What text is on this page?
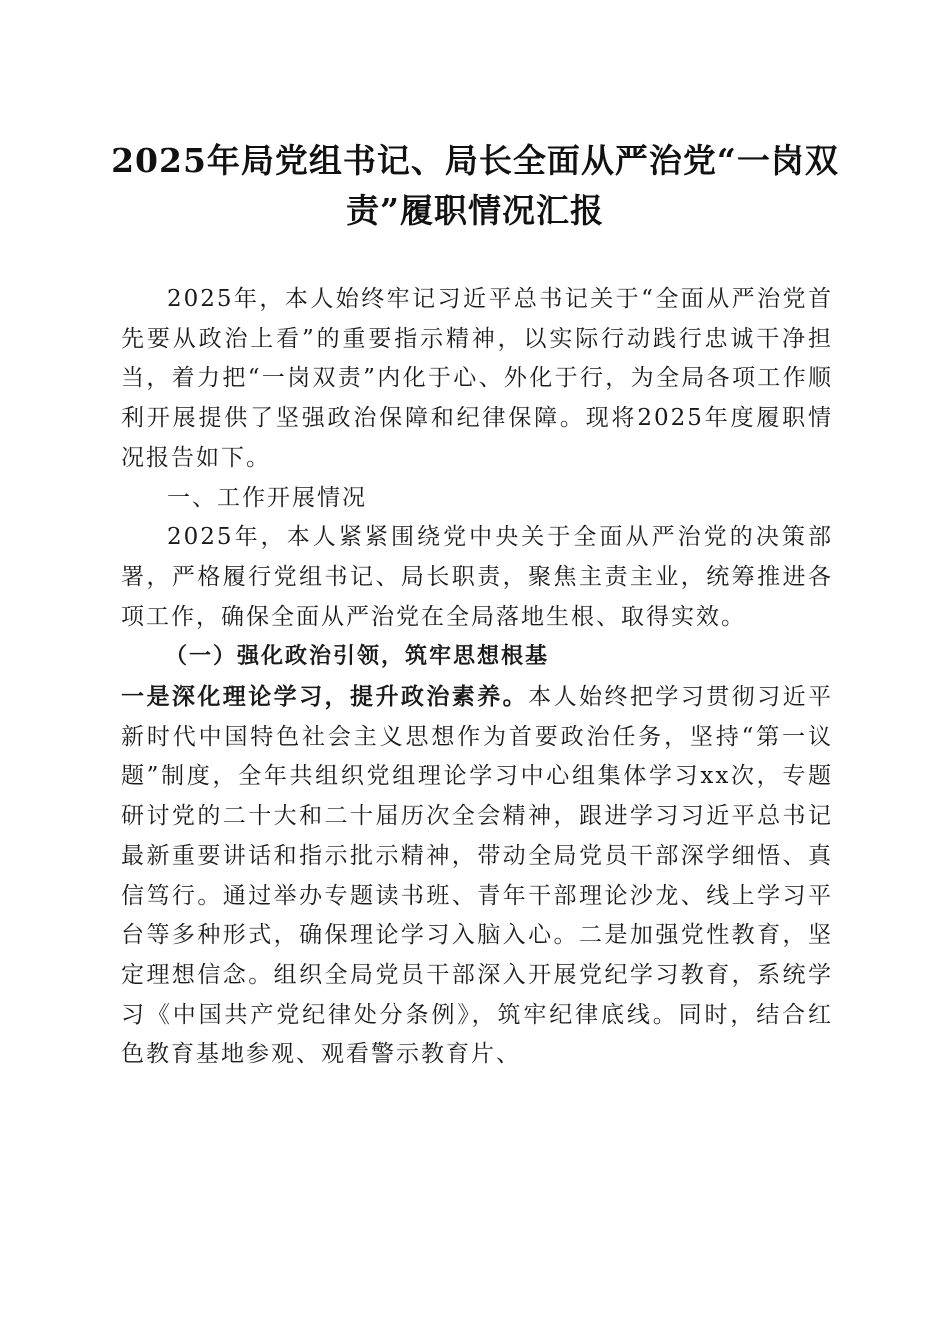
2025年局党组书记、局长全面从严治党“一岗双责”履职情况汇报

2025年，本人始终牢记习近平总书记关于“全面从严治党首先要从政治上看”的重要指示精神，以实际行动践行忠诚干净担当，着力把“一岗双责”内化于心、外化于行，为全局各项工作顺利开展提供了坚强政治保障和纪律保障。现将2025年度履职情况报告如下。

一、工作开展情况

2025年，本人紧紧围绕党中央关于全面从严治党的决策部署，严格履行党组书记、局长职责，聚焦主责主业，统筹推进各项工作，确保全面从严治党在全局落地生根、取得实效。

（一）强化政治引领，筑牢思想根基

一是深化理论学习，提升政治素养。本人始终把学习贯彻习近平新时代中国特色社会主义思想作为首要政治任务，坚持“第一议题”制度，全年共组织党组理论学习中心组集体学习xx次，专题研讨党的二十大和二十届历次全会精神，跟进学习习近平总书记最新重要讲话和指示批示精神，带动全局党员干部深学细悟、真信笃行。通过举办专题读书班、青年干部理论沙龙、线上学习平台等多种形式，确保理论学习入脑入心。二是加强党性教育，坚定理想信念。组织全局党员干部深入开展党纪学习教育，系统学习《中国共产党纪律处分条例》，筑牢纪律底线。同时，结合红色教育基地参观、观看警示教育片、
